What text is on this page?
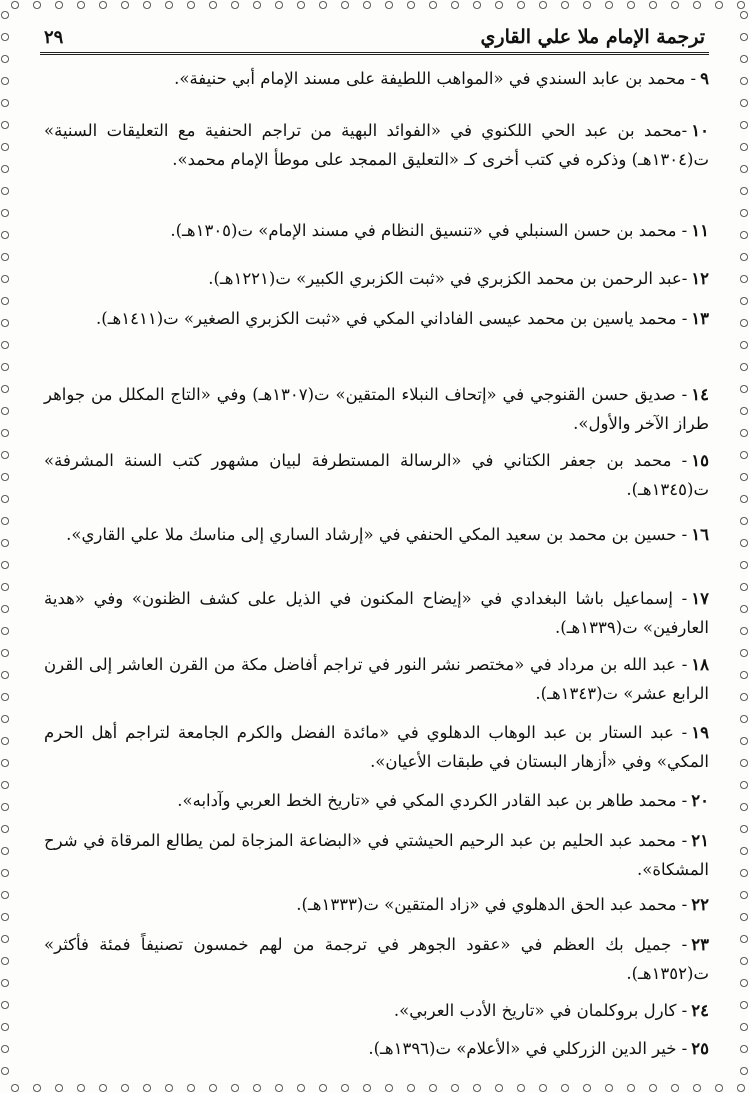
ترجمة الإمام ملا علي القاري
٢٩
٩- محمد بن عابد السندي في «المواهب اللطيفة على مسند الإمام أبي حنيفة».
١٠-محمد بن عبد الحي اللكنوي في «الفوائد البهية من تراجم الحنفية مع التعليقات السنية» ت(١٣٠٤هـ) وذكره في كتب أخرى كـ «التعليق الممجد على موطأ الإمام محمد».
١١- محمد بن حسن السنبلي في «تنسيق النظام في مسند الإمام» ت(١٣٠٥هـ).
١٢-عبد الرحمن بن محمد الكزبري في «ثبت الكزبري الكبير» ت(١٢٢١هـ).
١٣- محمد ياسين بن محمد عيسى الفاداني المكي في «ثبت الكزبري الصغير» ت(١٤١١هـ).
١٤- صديق حسن القنوجي في «إتحاف النبلاء المتقين» ت(١٣٠٧هـ) وفي «التاج المكلل من جواهر طراز الآخر والأول».
١٥- محمد بن جعفر الكتاني في «الرسالة المستطرفة لبيان مشهور كتب السنة المشرفة» ت(١٣٤٥هـ).
١٦- حسين بن محمد بن سعيد المكي الحنفي في «إرشاد الساري إلى مناسك ملا علي القاري».
١٧- إسماعيل باشا البغدادي في «إيضاح المكنون في الذيل على كشف الظنون» وفي «هدية العارفين» ت(١٣٣٩هـ).
١٨- عبد الله بن مرداد في «مختصر نشر النور في تراجم أفاضل مكة من القرن العاشر إلى القرن الرابع عشر» ت(١٣٤٣هـ).
١٩- عبد الستار بن عبد الوهاب الدهلوي في «مائدة الفضل والكرم الجامعة لتراجم أهل الحرم المكي» وفي «أزهار البستان في طبقات الأعيان».
٢٠- محمد طاهر بن عبد القادر الكردي المكي في «تاريخ الخط العربي وآدابه».
٢١- محمد عبد الحليم بن عبد الرحيم الحيشتي في «البضاعة المزجاة لمن يطالع المرقاة في شرح المشكاة».
٢٢- محمد عبد الحق الدهلوي في «زاد المتقين» ت(١٣٣٣هـ).
٢٣- جميل بك العظم في «عقود الجوهر في ترجمة من لهم خمسون تصنيفاً فمئة فأكثر» ت(١٣٥٢هـ).
٢٤- كارل بروكلمان في «تاريخ الأدب العربي».
٢٥- خير الدين الزركلي في «الأعلام» ت(١٣٩٦هـ).
